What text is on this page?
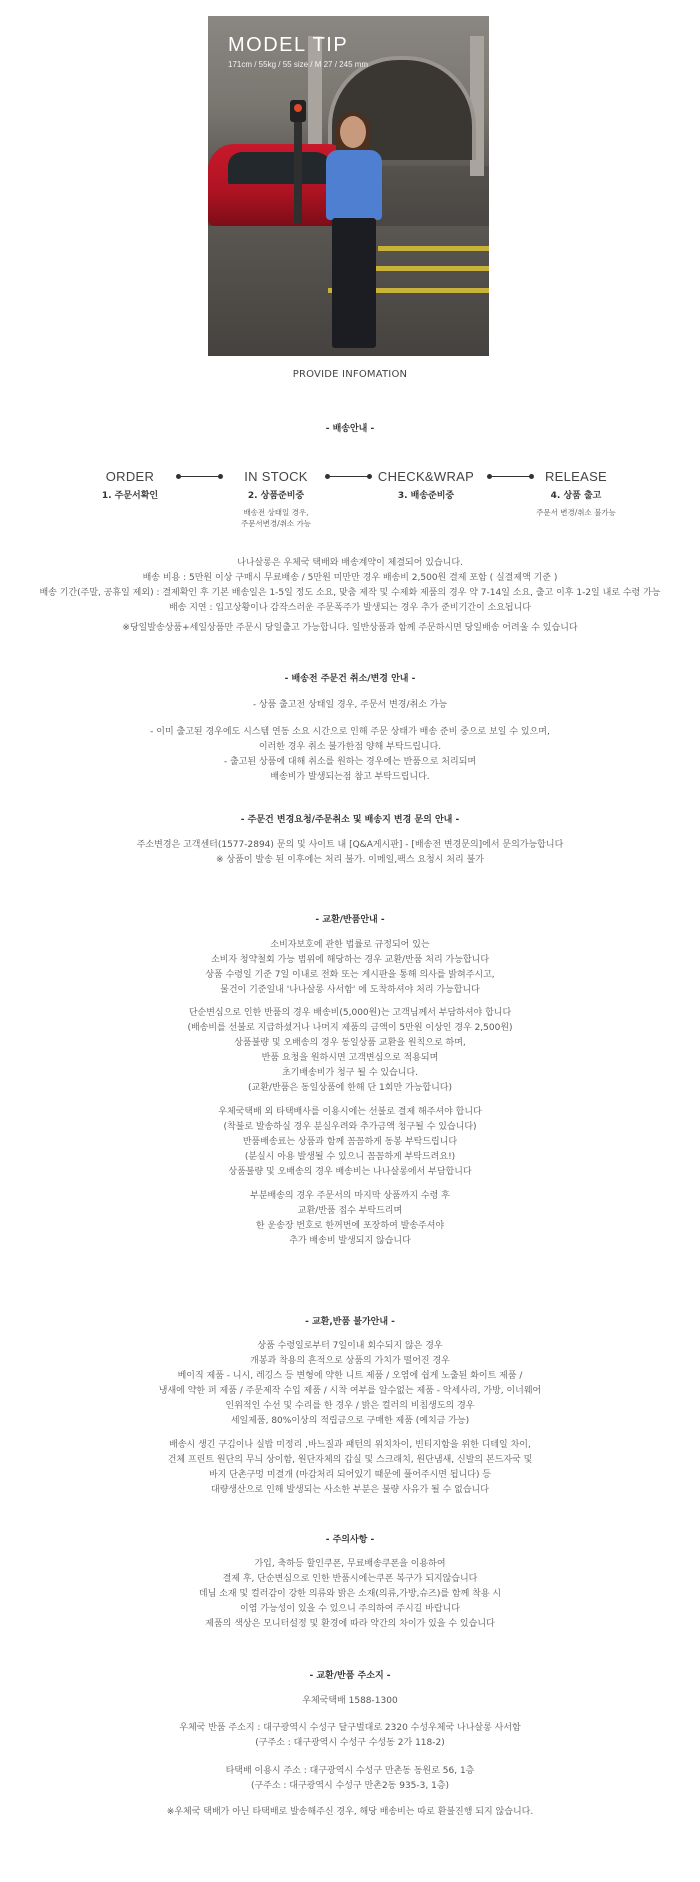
MODEL TIP
171cm / 55kg / 55 size / M 27 / 245 mm
PROVIDE INFOMATION
- 배송안내 -
ORDER
1. 주문서확인
IN STOCK
2. 상품준비중
배송전 상태일 경우,
주문서변경/취소 가능
CHECK&WRAP
3. 배송준비중
RELEASE
4. 상품 출고
주문서 변경/취소 불가능
나나살롱은 우체국 택배와 배송계약이 체결되어 있습니다.
배송 비용 : 5만원 이상 구매시 무료배송 / 5만원 미만만 경우 배송비 2,500원 결제 포함 ( 실결제액 기준 )
배송 기간(주말, 공휴일 제외) : 결제확인 후 기본 배송일은 1-5일 정도 소요, 맞춤 제작 및 수제화 제품의 경우 약 7-14일 소요, 출고 이후 1-2일 내로 수령 가능
배송 지연 : 입고상황이나 감작스러운 주문폭주가 발생되는 경우 추가 준비기간이 소요됩니다
※당일발송상품+세일상품만 주문시 당일출고 가능합니다. 일반상품과 함께 주문하시면 당일배송 어려울 수 있습니다
- 배송전 주문건 취소/변경 안내 -
- 상품 출고전 상태일 경우, 주문서 변경/취소 가능
- 이미 출고된 경우에도 시스템 연동 소요 시간으로 인해 주문 상태가 배송 준비 중으로 보일 수 있으며,
이러한 경우 취소 불가한점 양해 부탁드립니다.
- 출고된 상품에 대해 취소를 원하는 경우에는 반품으로 처리되며
배송비가 발생되는점 참고 부탁드립니다.
- 주문건 변경요청/주문취소 및 배송지 변경 문의 안내 -
주소변경은 고객센터(1577-2894) 문의 및 사이트 내 [Q&A게시판] - [배송전 변경문의]에서 문의가능합니다
※ 상품이 발송 된 이후에는 처리 불가. 이메일,팩스 요청시 처리 불가
- 교환/반품안내 -
소비자보호에 관한 법률로 규정되어 있는
소비자 청약철회 가능 범위에 해당하는 경우 교환/반품 처리 가능합니다
상품 수령일 기준 7일 이내로 전화 또는 게시판을 통해 의사를 밝혀주시고,
물건이 기준일내 '나나살롱 사서함' 에 도착하셔야 처리 가능합니다
단순변심으로 인한 반품의 경우 배송비(5,000원)는 고객님께서 부담하셔야 합니다
(배송비를 선불로 지급하셨거나 나머지 제품의 금액이 5만원 이상인 경우 2,500원)
상품불량 및 오배송의 경우 동일상품 교환을 원칙으로 하며,
반품 요청을 원하시면 고객변심으로 적용되며
초기배송비가 청구 될 수 있습니다.
(교환/반품은 동일상품에 한해 단 1회만 가능합니다)
우체국택배 외 타택배사를 이용시에는 선불로 결제 해주셔야 합니다
(착불로 발송하실 경우 분실우려와 추가금액 청구될 수 있습니다)
반품배송료는 상품과 함께 꼼꼼하게 동봉 부탁드립니다
(분실시 아용 발생될 수 있으니 꼼꼼하게 부탁드려요!)
상품불량 및 오배송의 경우 배송비는 나나살롱에서 부담합니다
부분배송의 경우 주문서의 마지막 상품까지 수령 후
교환/반품 접수 부탁드리며
한 운송장 번호로 한꺼번에 포장하여 발송주셔야
추가 배송비 발생되지 않습니다
- 교환,반품 불가안내 -
상품 수령일로부터 7일이내 회수되지 않은 경우
개봉과 착용의 흔적으로 상품의 가치가 떨어진 경우
베이직 제품 - 니시, 레깅스 등 변형에 약한 니트 제품 / 오염에 쉽게 노출된 화이트 제품 /
냉새에 약한 퍼 제품 / 주문제작 수입 제품 / 시착 여부를 알수없는 제품 - 악세사리, 가방, 이너웨어
인위적인 수선 및 수리를 한 경우 / 밝은 컬러의 비침생도의 경우
세일제품, 80%이상의 적립금으로 구매한 제품 (예치금 가능)
배송시 생긴 구김이나 실밥 미정리 ,바느질과 패턴의 위치차이, 빈티지함을 위한 디테일 차이,
건체 프린트 원단의 무늬 상이함, 원단자체의 갑실 및 스크래치, 원단냄새, 신발의 본드자국 및
바지 단촌구멍 미결개 (마감처리 되어있기 때문에 풀어주시면 됩니다) 등
대량생산으로 인해 발생되는 사소한 부분은 불량 사유가 될 수 없습니다
- 주의사항 -
가입, 축하등 할인쿠폰, 무료배송쿠폰을 이용하여
결제 후, 단순변심으로 인한 반품시에는쿠폰 복구가 되지않습니다
데님 소재 및 컬러감이 강한 의류와 밝은 소재(의류,가방,슈즈)를 함께 착용 시
이염 가능성이 있을 수 있으니 주의하여 주시길 바랍니다
제품의 색상은 모니터설정 및 환경에 따라 약간의 차이가 있을 수 있습니다
- 교환/반품 주소지 -
우체국택배 1588-1300
우체국 반품 주소지 : 대구광역시 수성구 달구벌대로 2320 수성우체국 나나살롱 사서함
(구주소 : 대구광역시 수성구 수성동 2가 118-2)
타택배 이용시 주소 : 대구광역시 수성구 만촌동 동원로 56, 1층
(구주소 : 대구광역시 수성구 만촌2동 935-3, 1층)
※우체국 택배가 아닌 타택배로 발송해주신 경우, 해당 배송비는 따로 환불진행 되지 않습니다.
